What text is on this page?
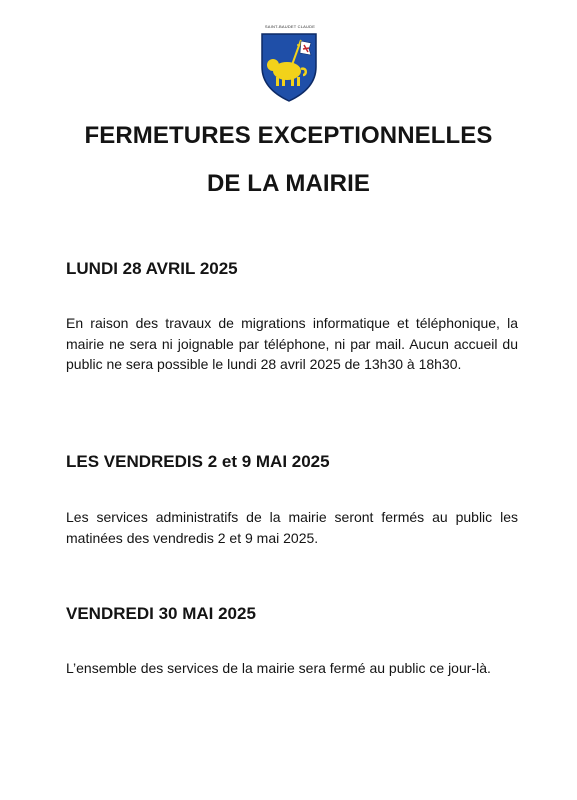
SAINT-BAUDET CLAUDE
FERMETURES EXCEPTIONNELLES
DE LA MAIRIE
LUNDI 28 AVRIL 2025

En raison des travaux de migrations informatique et téléphonique, la mairie ne sera ni joignable par téléphone, ni par mail. Aucun accueil du public ne sera possible le lundi 28 avril 2025 de 13h30 à 18h30.

LES VENDREDIS 2 et 9 MAI 2025

Les services administratifs de la mairie seront fermés au public les matinées des vendredis 2 et 9 mai 2025.

VENDREDI 30 MAI 2025

L’ensemble des services de la mairie sera fermé au public ce jour-là.
